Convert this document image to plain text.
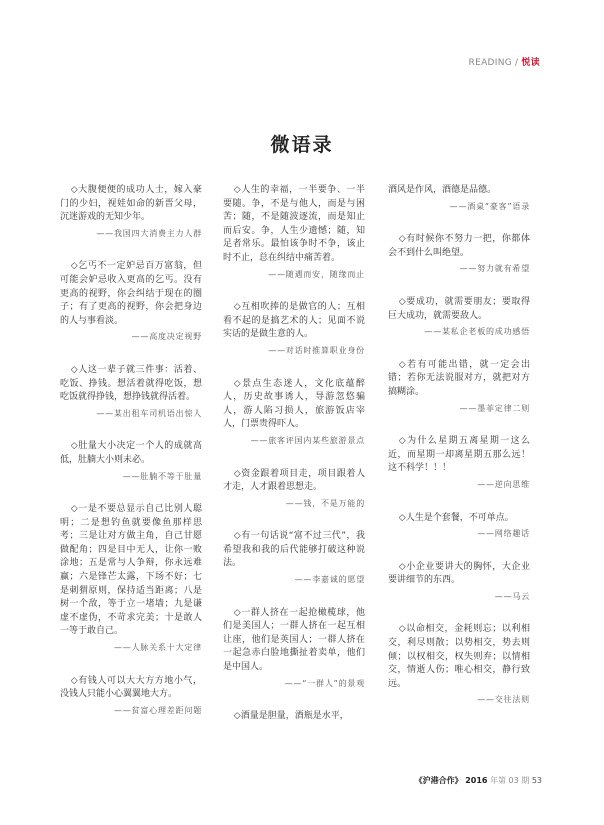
READING / 悦读
微语录

◇大腹便便的成功人士，嫁入豪门的少妇，视娃如命的新晋父母，沉迷游戏的无知少年。

——我国四大消费主力人群

◇乞丐不一定妒忌百万富翁，但可能会妒忌收入更高的乞丐。没有更高的视野，你会纠结于现在的圈子；有了更高的视野，你会把身边的人与事看淡。

——高度决定视野

◇人这一辈子就三件事：活着、吃饭、挣钱。想活着就得吃饭，想吃饭就得挣钱，想挣钱就得活着。

——某出租车司机语出惊人

◇肚量大小决定一个人的成就高低，肚腩大小则未必。

——肚腩不等于肚量

◇一是不要总显示自己比别人聪明；二是想钓鱼就要像鱼那样思考；三是让对方做主角，自己甘愿做配角；四是目中无人，让你一败涂地；五是常与人争辩，你永远难赢；六是锋芒太露，下场不好；七是刺猬原则，保持适当距离；八是树一个敌，等于立一堵墙；九是谦虚不虚伪，不苛求完美；十是敢人一等于敢自己。

——人脉关系十大定律

◇有钱人可以大大方方地小气，没钱人只能小心翼翼地大方。

——贫富心理差距问题

◇人生的幸福，一半要争、一半要随。争，不是与他人，而是与困苦；随，不是随波逐流，而是知止而后安。争，人生少遗憾；随，知足者常乐。最怕该争时不争，该止时不止，总在纠结中痛苦着。

——随遇而安，随缘而止

◇互相吹捧的是做官的人；互相看不起的是搞艺术的人；见面不说实话的是做生意的人。

——对话时推算职业身份

◇景点生态迷人，文化底蕴醉人，历史故事诱人，导游忽悠骗人，游人陷习损人，旅游饭店宰人，门票贵得吓人。

——旅客评国内某些旅游景点

◇资金跟着项目走，项目跟着人才走，人才跟着思想走。

——钱，不是万能的

◇有一句话说“富不过三代”，我希望我和我的后代能够打破这种说法。

——李嘉诚的愿望

◇一群人挤在一起抢橄榄球，他们是美国人；一群人挤在一起互相让座，他们是英国人；一群人挤在一起急赤白脸地撕扯着卖单，他们是中国人。

——“一群人”的景观

◇酒量是胆量，酒瓶是水平，

酒风是作风，酒德是品德。

——酒桌“豪客”语录

◇有时候你不努力一把，你都体会不到什么叫绝望。

——努力就有希望

◇要成功，就需要朋友；要取得巨大成功，就需要敌人。

——某私企老板的成功感悟

◇若有可能出错，就一定会出错；若你无法说服对方，就把对方搞糊涂。

——墨菲定律二则

◇为什么星期五离星期一这么近，而星期一却离星期五那么远！这不科学！！！

——逆向思维

◇人生是个套餐，不可单点。

——网络趣话

◇小企业要讲大的胸怀，大企业要讲细节的东西。

——马云

◇以命相交，金耗则忘；以利相交，利尽则散；以势相交，势去则倾；以权相交，权失则弃；以情相交，情逝人伤；唯心相交，静行致远。

——交往法则

《沪港合作》 2016 年第 03 期 53
